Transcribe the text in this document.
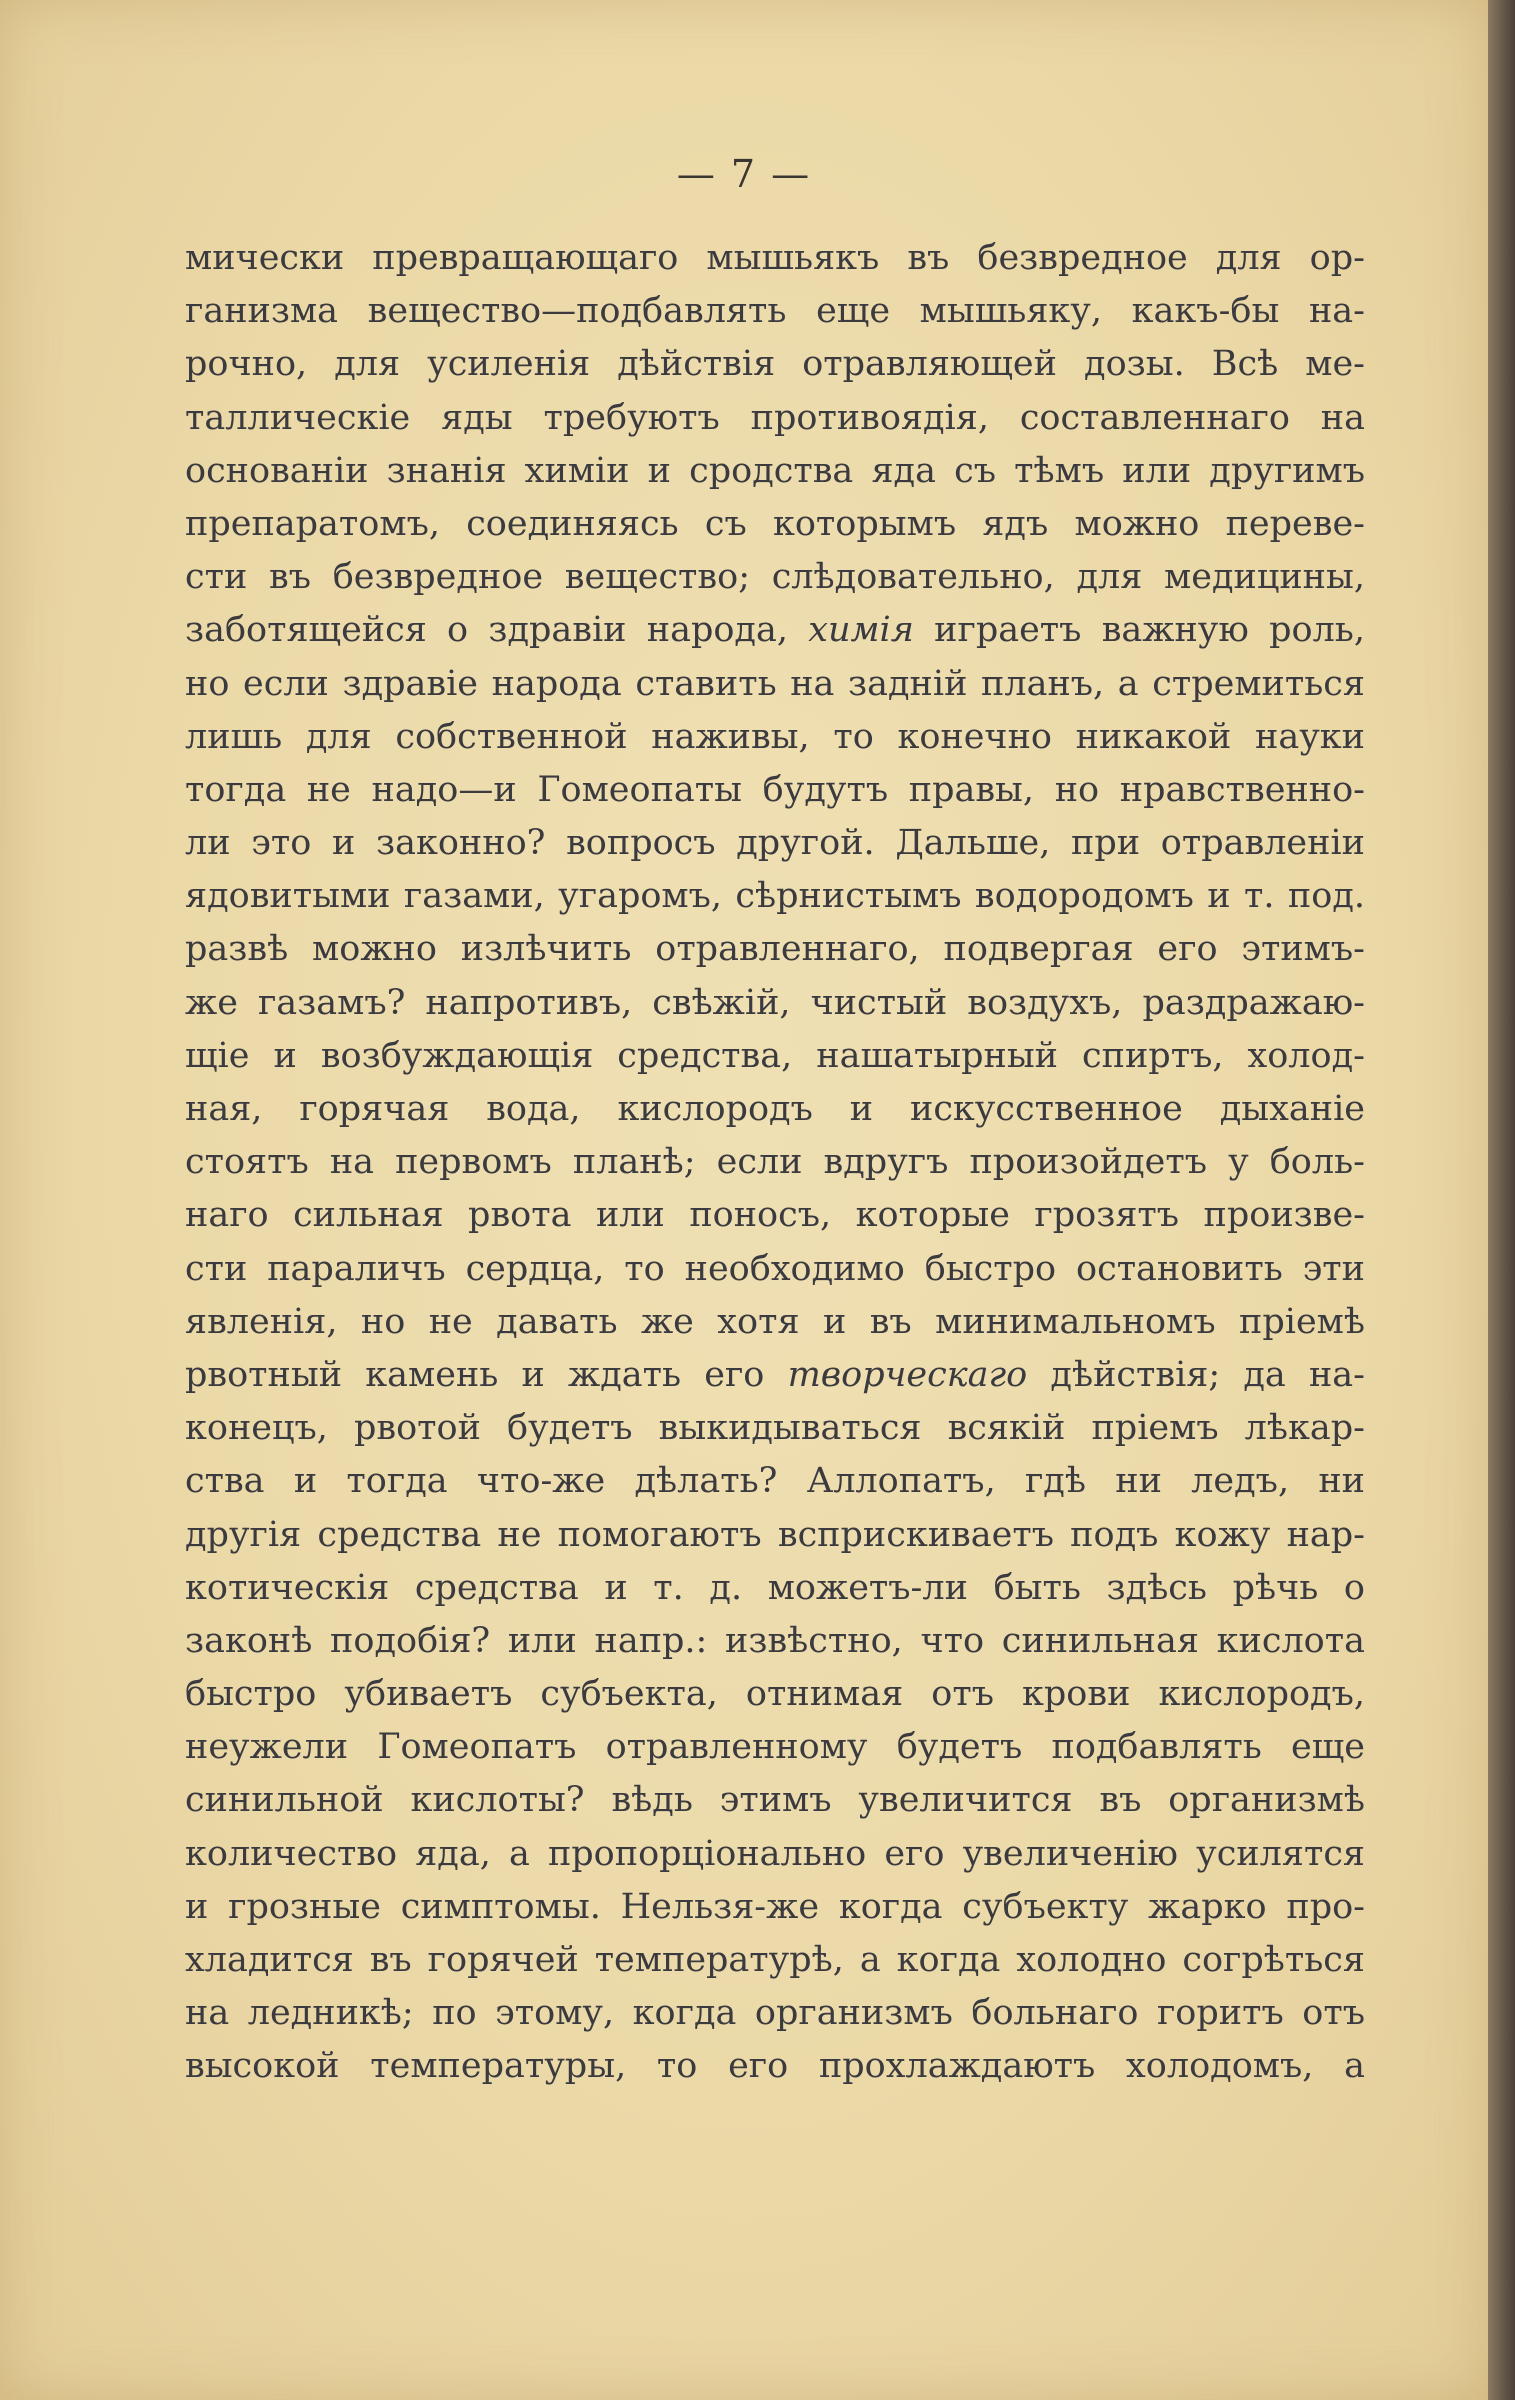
— 7 —
мически превращающаго мышьякъ въ безвредное для ор-
ганизма вещество—подбавлять еще мышьяку, какъ-бы на-
рочно, для усиленія дѣйствія отравляющей дозы. Всѣ ме-
таллическіе яды требуютъ противоядія, составленнаго на
основаніи знанія химіи и сродства яда съ тѣмъ или другимъ
препаратомъ, соединяясь съ которымъ ядъ можно переве-
сти въ безвредное вещество; слѣдовательно, для медицины,
заботящейся о здравіи народа, химія играетъ важную роль,
но если здравіе народа ставить на задній планъ, а стремиться
лишь для собственной наживы, то конечно никакой науки
тогда не надо—и Гомеопаты будутъ правы, но нравственно-
ли это и законно? вопросъ другой. Дальше, при отравленіи
ядовитыми газами, угаромъ, сѣрнистымъ водородомъ и т. под.
развѣ можно излѣчить отравленнаго, подвергая его этимъ-
же газамъ? напротивъ, свѣжій, чистый воздухъ, раздражаю-
щіе и возбуждающія средства, нашатырный спиртъ, холод-
ная, горячая вода, кислородъ и искусственное дыханіе
стоятъ на первомъ планѣ; если вдругъ произойдетъ у боль-
наго сильная рвота или поносъ, которые грозятъ произве-
сти параличъ сердца, то необходимо быстро остановить эти
явленія, но не давать же хотя и въ минимальномъ пріемѣ
рвотный камень и ждать его творческаго дѣйствія; да на-
конецъ, рвотой будетъ выкидываться всякій пріемъ лѣкар-
ства и тогда что-же дѣлать? Аллопатъ, гдѣ ни ледъ, ни
другія средства не помогаютъ всприскиваетъ подъ кожу нар-
котическія средства и т. д. можетъ-ли быть здѣсь рѣчь о
законѣ подобія? или напр.: извѣстно, что синильная кислота
быстро убиваетъ субъекта, отнимая отъ крови кислородъ,
неужели Гомеопатъ отравленному будетъ подбавлять еще
синильной кислоты? вѣдь этимъ увеличится въ организмѣ
количество яда, а пропорціонально его увеличенію усилятся
и грозные симптомы. Нельзя-же когда субъекту жарко про-
хладится въ горячей температурѣ, а когда холодно согрѣться
на ледникѣ; по этому, когда организмъ больнаго горитъ отъ
высокой температуры, то его прохлаждаютъ холодомъ, а
